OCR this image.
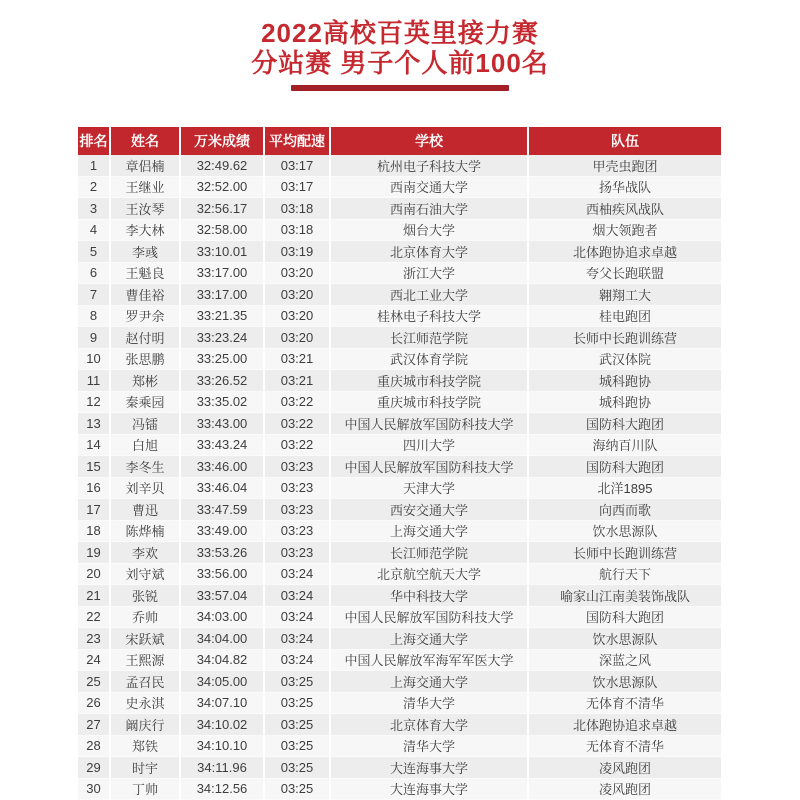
2022高校百英里接力赛
分站赛 男子个人前100名
排名	姓名	万米成绩	平均配速	学校	队伍
1	章侣楠	32:49.62	03:17	杭州电子科技大学	甲壳虫跑团
2	王继业	32:52.00	03:17	西南交通大学	扬华战队
3	王汝琴	32:56.17	03:18	西南石油大学	西柚疾风战队
4	李大林	32:58.00	03:18	烟台大学	烟大领跑者
5	李彧	33:10.01	03:19	北京体育大学	北体跑协追求卓越
6	王魁良	33:17.00	03:20	浙江大学	夸父长跑联盟
7	曹佳裕	33:17.00	03:20	西北工业大学	翱翔工大
8	罗尹余	33:21.35	03:20	桂林电子科技大学	桂电跑团
9	赵付明	33:23.24	03:20	长江师范学院	长师中长跑训练营
10	张思鹏	33:25.00	03:21	武汉体育学院	武汉体院
11	郑彬	33:26.52	03:21	重庆城市科技学院	城科跑协
12	秦乘园	33:35.02	03:22	重庆城市科技学院	城科跑协
13	冯镭	33:43.00	03:22	中国人民解放军国防科技大学	国防科大跑团
14	白旭	33:43.24	03:22	四川大学	海纳百川队
15	李冬生	33:46.00	03:23	中国人民解放军国防科技大学	国防科大跑团
16	刘辛贝	33:46.04	03:23	天津大学	北洋1895
17	曹迅	33:47.59	03:23	西安交通大学	向西而歌
18	陈烨楠	33:49.00	03:23	上海交通大学	饮水思源队
19	李欢	33:53.26	03:23	长江师范学院	长师中长跑训练营
20	刘守斌	33:56.00	03:24	北京航空航天大学	航行天下
21	张锐	33:57.04	03:24	华中科技大学	喻家山江南美装饰战队
22	乔帅	34:03.00	03:24	中国人民解放军国防科技大学	国防科大跑团
23	宋跃斌	34:04.00	03:24	上海交通大学	饮水思源队
24	王熙源	34:04.82	03:24	中国人民解放军海军军医大学	深蓝之风
25	孟召民	34:05.00	03:25	上海交通大学	饮水思源队
26	史永淇	34:07.10	03:25	清华大学	无体育不清华
27	阚庆行	34:10.02	03:25	北京体育大学	北体跑协追求卓越
28	郑铁	34:10.10	03:25	清华大学	无体育不清华
29	时宇	34:11.96	03:25	大连海事大学	凌风跑团
30	丁帅	34:12.56	03:25	大连海事大学	凌风跑团
